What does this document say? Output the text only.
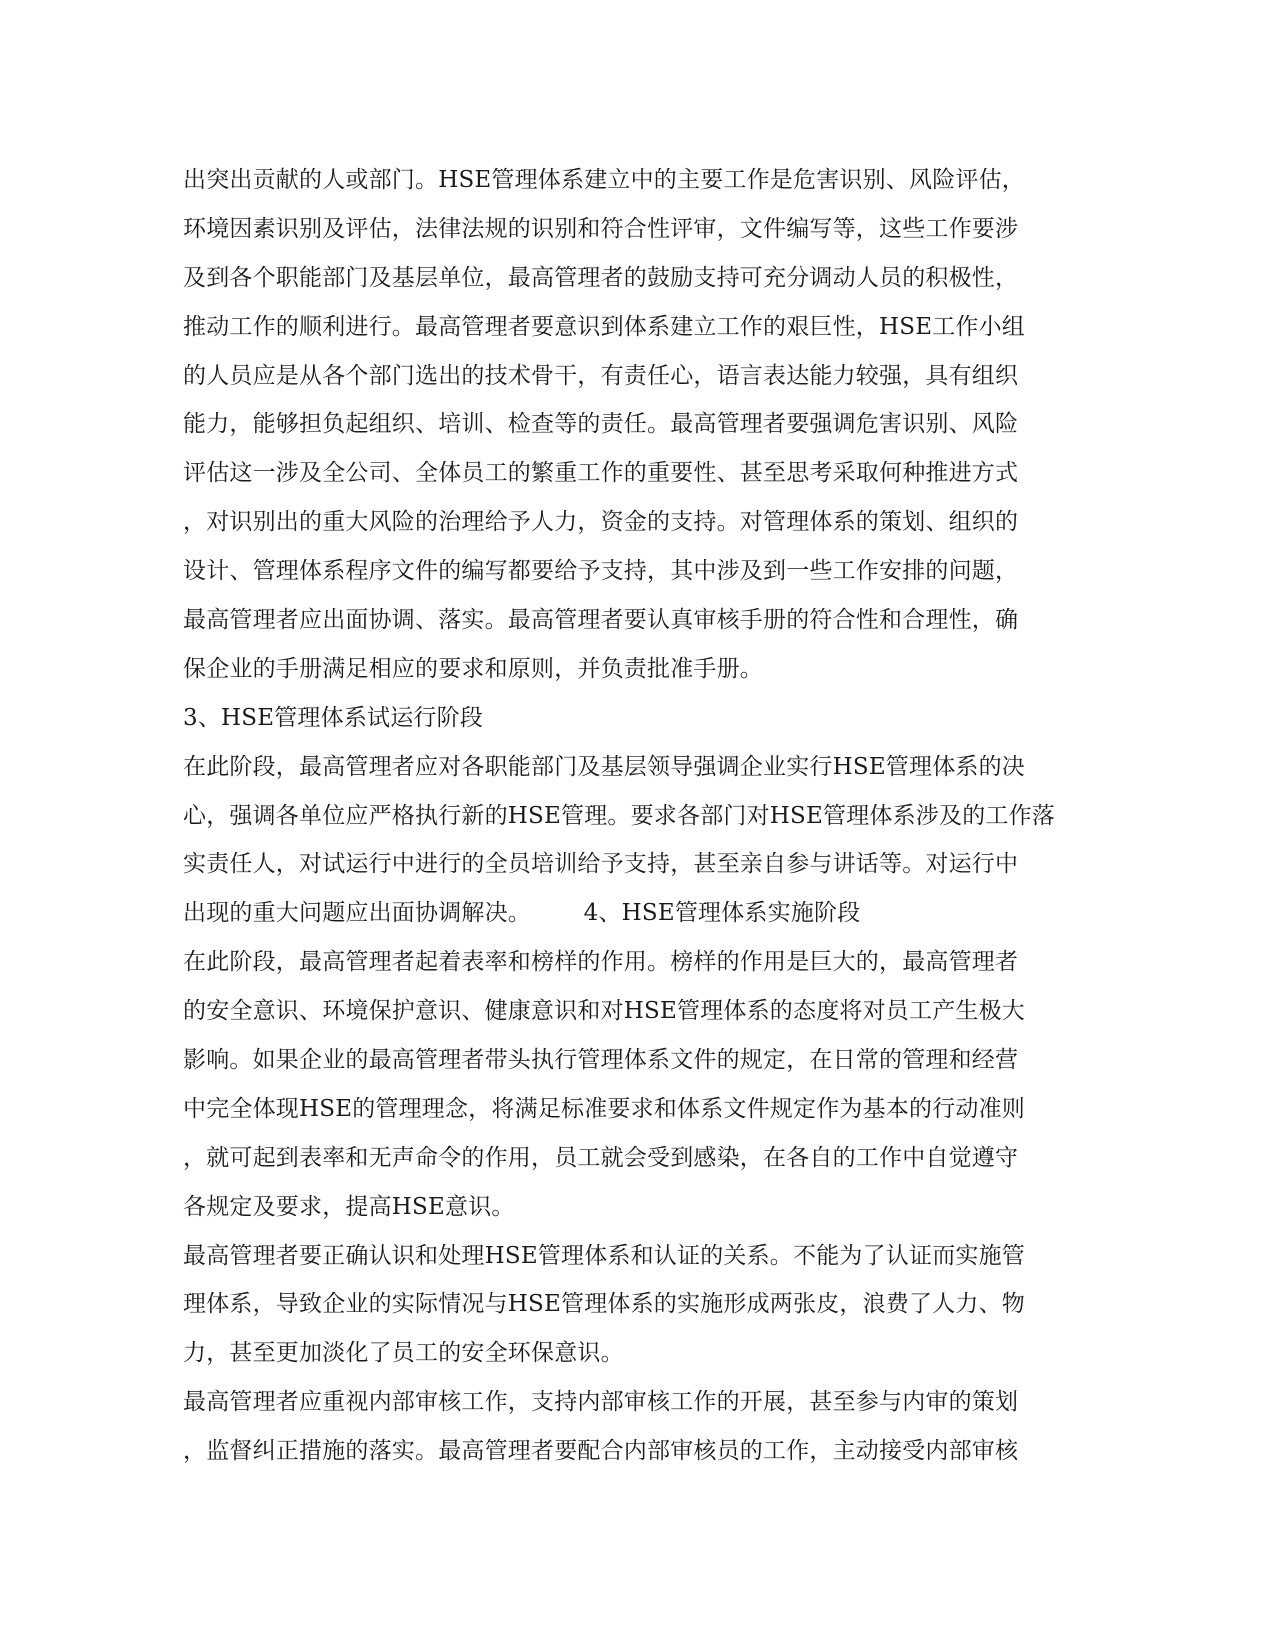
出突出贡献的人或部门。HSE管理体系建立中的主要工作是危害识别、风险评估，
环境因素识别及评估，法律法规的识别和符合性评审，文件编写等，这些工作要涉
及到各个职能部门及基层单位，最高管理者的鼓励支持可充分调动人员的积极性，
推动工作的顺利进行。最高管理者要意识到体系建立工作的艰巨性，HSE工作小组
的人员应是从各个部门选出的技术骨干，有责任心，语言表达能力较强，具有组织
能力，能够担负起组织、培训、检查等的责任。最高管理者要强调危害识别、风险
评估这一涉及全公司、全体员工的繁重工作的重要性、甚至思考采取何种推进方式
，对识别出的重大风险的治理给予人力，资金的支持。对管理体系的策划、组织的
设计、管理体系程序文件的编写都要给予支持，其中涉及到一些工作安排的问题，
最高管理者应出面协调、落实。最高管理者要认真审核手册的符合性和合理性，确
保企业的手册满足相应的要求和原则，并负责批准手册。
3、HSE管理体系试运行阶段
在此阶段，最高管理者应对各职能部门及基层领导强调企业实行HSE管理体系的决
心，强调各单位应严格执行新的HSE管理。要求各部门对HSE管理体系涉及的工作落
实责任人，对试运行中进行的全员培训给予支持，甚至亲自参与讲话等。对运行中
出现的重大问题应出面协调解决。       4、HSE管理体系实施阶段
在此阶段，最高管理者起着表率和榜样的作用。榜样的作用是巨大的，最高管理者
的安全意识、环境保护意识、健康意识和对HSE管理体系的态度将对员工产生极大
影响。如果企业的最高管理者带头执行管理体系文件的规定，在日常的管理和经营
中完全体现HSE的管理理念，将满足标准要求和体系文件规定作为基本的行动准则
，就可起到表率和无声命令的作用，员工就会受到感染，在各自的工作中自觉遵守
各规定及要求，提高HSE意识。
最高管理者要正确认识和处理HSE管理体系和认证的关系。不能为了认证而实施管
理体系，导致企业的实际情况与HSE管理体系的实施形成两张皮，浪费了人力、物
力，甚至更加淡化了员工的安全环保意识。
最高管理者应重视内部审核工作，支持内部审核工作的开展，甚至参与内审的策划
，监督纠正措施的落实。最高管理者要配合内部审核员的工作，主动接受内部审核
